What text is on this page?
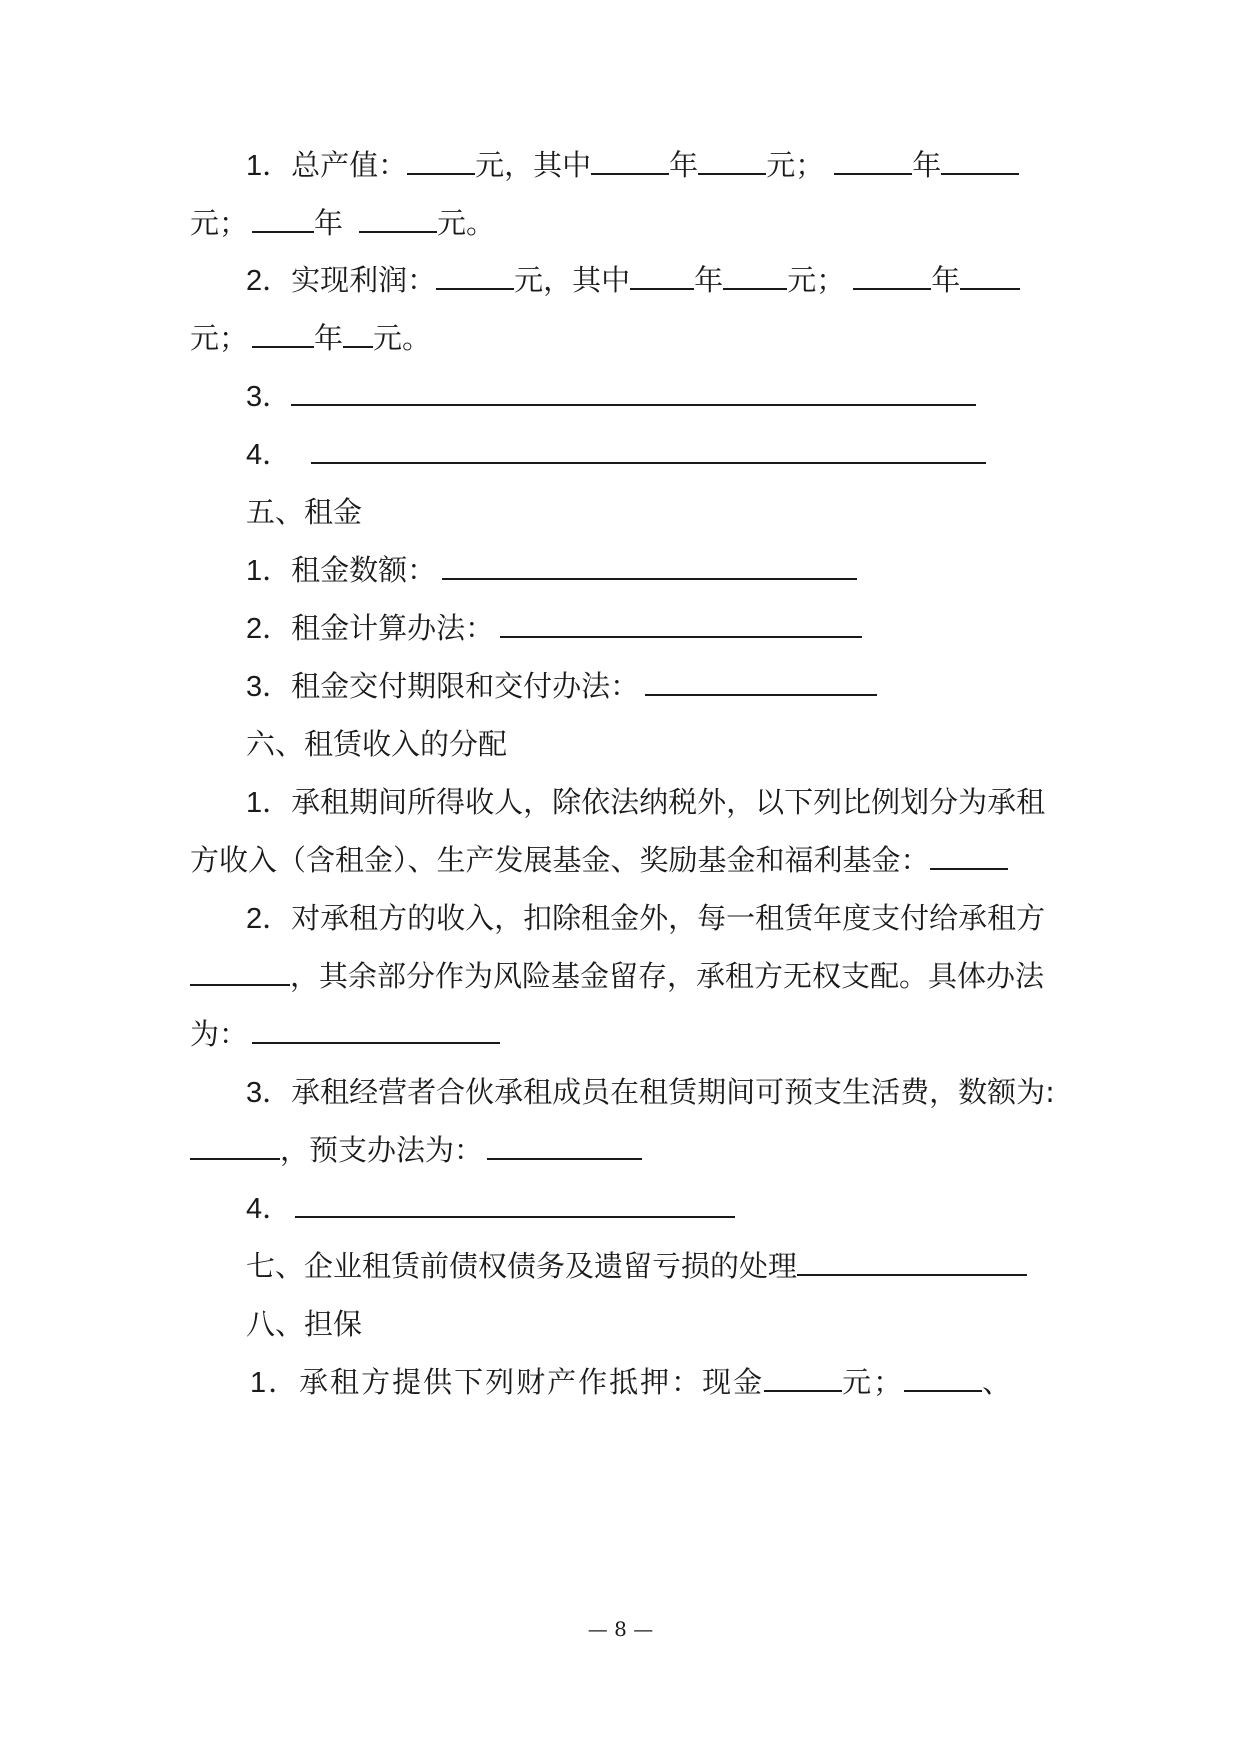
1．总产值： 元，其中	年 元；	年
元； 年	元。
2．实现利润：	元，其中 年 元；	年
元； 年 元。
3．
4．
五、租金
1．租金数额：
2．租金计算办法：
3．租金交付期限和交付办法：
六、租赁收入的分配
1．承租期间所得收人，除依法纳税外，以下列比例划分为承租
方收入（含租金）、生产发展基金、奖励基金和福利基金：
2．对承租方的收入，扣除租金外，每一租赁年度支付给承租方
，其余部分作为风险基金留存，承租方无权支配。具体办法
为：
3．承租经营者合伙承租成员在租赁期间可预支生活费，数额为:
，预支办法为：
4．
七、企业租赁前债权债务及遗留亏损的处理
八、担保
1．承租方提供下列财产作抵押：现金	元；	、
— 8 —
